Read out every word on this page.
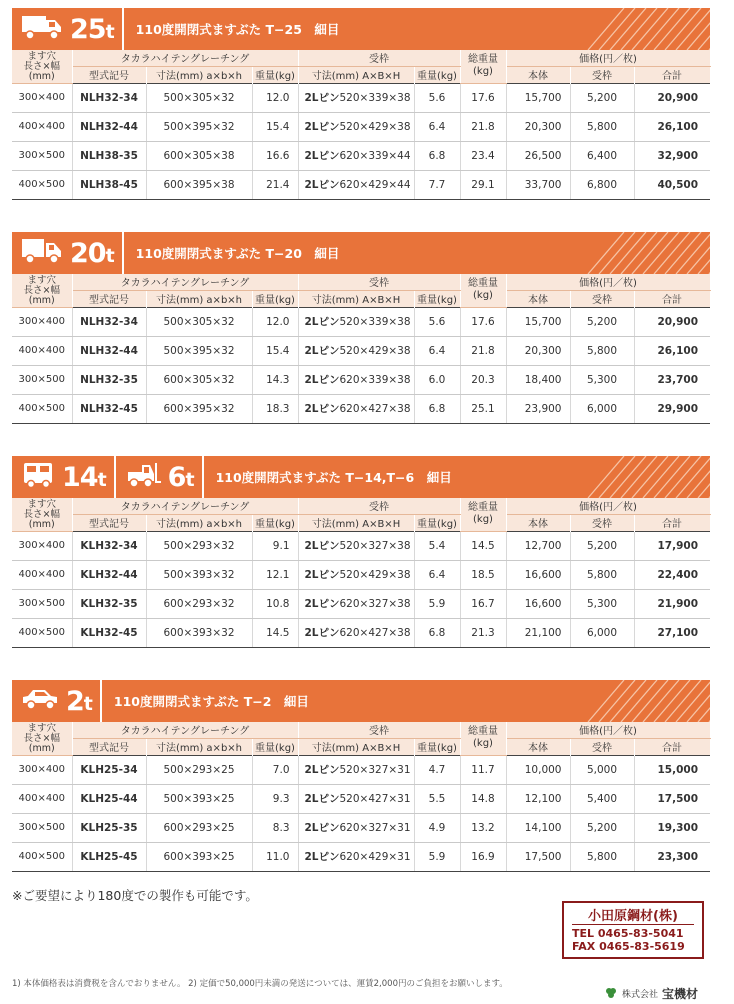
25t	110度開閉式ますぶた T−25　細目
ます穴
長さ×幅
(mm)	タカラハイテングレーチング			受枠		総重量
(kg)	価格(円／枚)		
	型式記号	寸法(mm) a×b×h	重量(kg)	寸法(mm) A×B×H	重量(kg)		本体	受枠	合計
300×400	NLH32-34	500×305×32	12.0	2Lピン520×339×38	5.6	17.6	15,700	5,200	20,900
400×400	NLH32-44	500×395×32	15.4	2Lピン520×429×38	6.4	21.8	20,300	5,800	26,100
300×500	NLH38-35	600×305×38	16.6	2Lピン620×339×44	6.8	23.4	26,500	6,400	32,900
400×500	NLH38-45	600×395×38	21.4	2Lピン620×429×44	7.7	29.1	33,700	6,800	40,500
20t	110度開閉式ますぶた T−20　細目
ます穴
長さ×幅
(mm)	タカラハイテングレーチング			受枠		総重量
(kg)	価格(円／枚)		
	型式記号	寸法(mm) a×b×h	重量(kg)	寸法(mm) A×B×H	重量(kg)		本体	受枠	合計
300×400	NLH32-34	500×305×32	12.0	2Lピン520×339×38	5.6	17.6	15,700	5,200	20,900
400×400	NLH32-44	500×395×32	15.4	2Lピン520×429×38	6.4	21.8	20,300	5,800	26,100
300×500	NLH32-35	600×305×32	14.3	2Lピン620×339×38	6.0	20.3	18,400	5,300	23,700
400×500	NLH32-45	600×395×32	18.3	2Lピン620×427×38	6.8	25.1	23,900	6,000	29,900
14t 6t	110度開閉式ますぶた T−14,T−6　細目
ます穴
長さ×幅
(mm)	タカラハイテングレーチング			受枠		総重量
(kg)	価格(円／枚)		
	型式記号	寸法(mm) a×b×h	重量(kg)	寸法(mm) A×B×H	重量(kg)		本体	受枠	合計
300×400	KLH32-34	500×293×32	9.1	2Lピン520×327×38	5.4	14.5	12,700	5,200	17,900
400×400	KLH32-44	500×393×32	12.1	2Lピン520×429×38	6.4	18.5	16,600	5,800	22,400
300×500	KLH32-35	600×293×32	10.8	2Lピン620×327×38	5.9	16.7	16,600	5,300	21,900
400×500	KLH32-45	600×393×32	14.5	2Lピン620×427×38	6.8	21.3	21,100	6,000	27,100
2t	110度開閉式ますぶた T−2　細目
ます穴
長さ×幅
(mm)	タカラハイテングレーチング			受枠		総重量
(kg)	価格(円／枚)		
	型式記号	寸法(mm) a×b×h	重量(kg)	寸法(mm) A×B×H	重量(kg)		本体	受枠	合計
300×400	KLH25-34	500×293×25	7.0	2Lピン520×327×31	4.7	11.7	10,000	5,000	15,000
400×400	KLH25-44	500×393×25	9.3	2Lピン520×427×31	5.5	14.8	12,100	5,400	17,500
300×500	KLH25-35	600×293×25	8.3	2Lピン620×327×31	4.9	13.2	14,100	5,200	19,300
400×500	KLH25-45	600×393×25	11.0	2Lピン620×429×31	5.9	16.9	17,500	5,800	23,300
※ご要望により180度での製作も可能です。
小田原鋼材(株)
TEL 0465-83-5041
FAX 0465-83-5619
1) 本体価格表は消費税を含んでおりません。 2) 定価で50,000円未満の発送については、運賃2,000円のご負担をお願いします。
株式会社 宝機材
